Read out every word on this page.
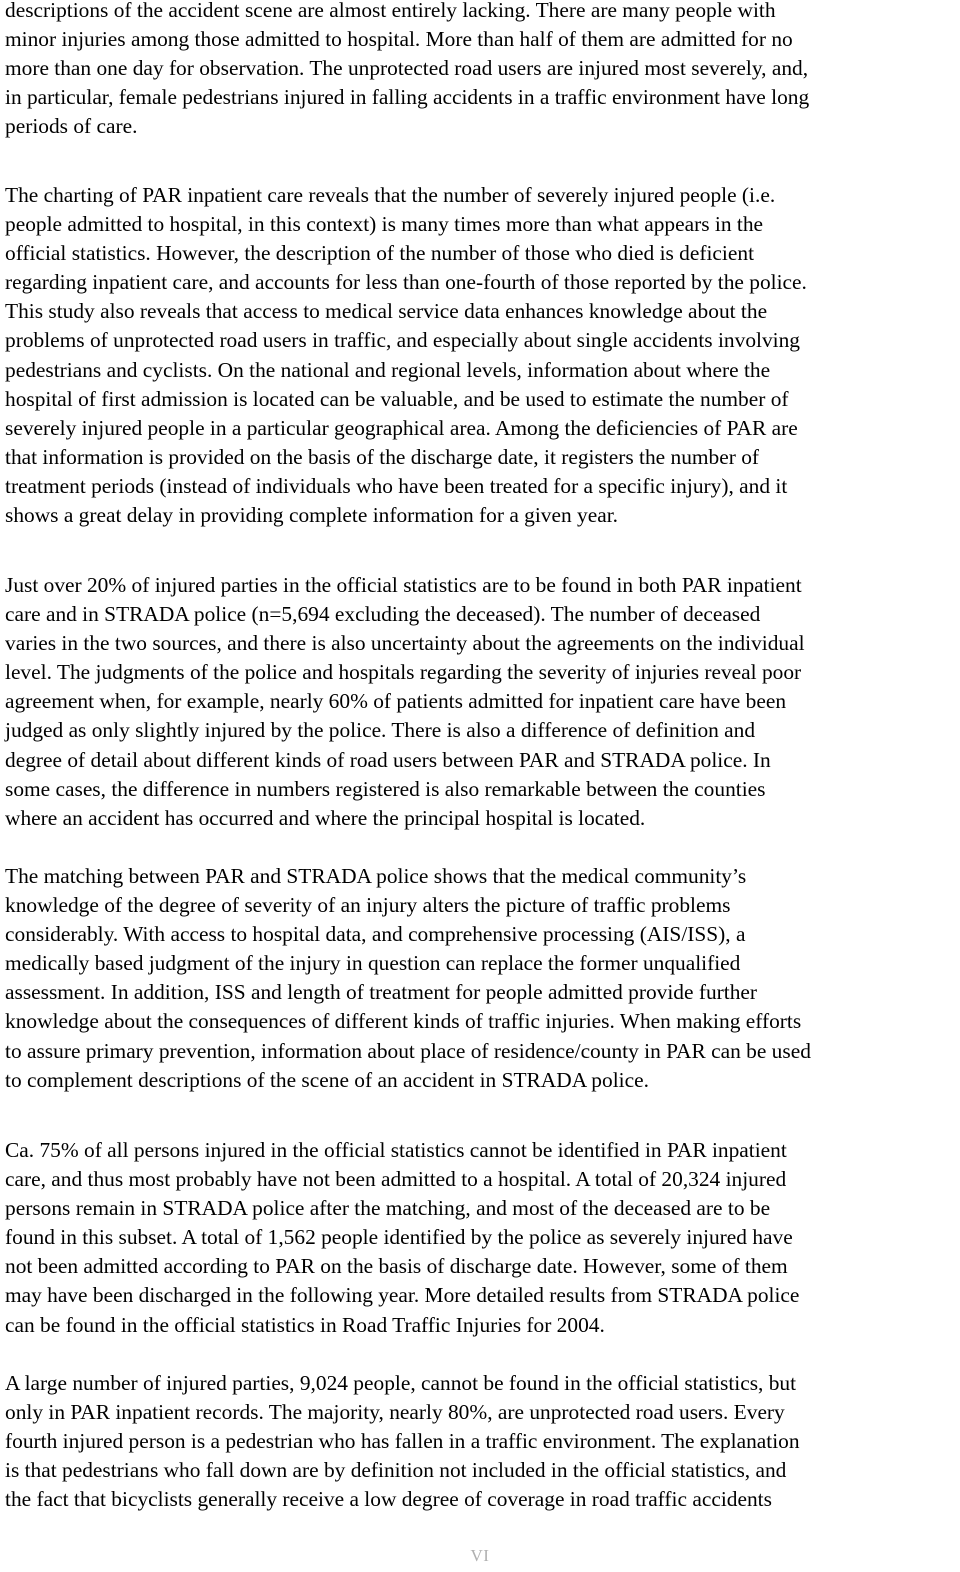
descriptions of the accident scene are almost entirely lacking. There are many people with
minor injuries among those admitted to hospital. More than half of them are admitted for no
more than one day for observation. The unprotected road users are injured most severely, and,
in particular, female pedestrians injured in falling accidents in a traffic environment have long
periods of care.

The charting of PAR inpatient care reveals that the number of severely injured people (i.e.
people admitted to hospital, in this context) is many times more than what appears in the
official statistics. However, the description of the number of those who died is deficient
regarding inpatient care, and accounts for less than one-fourth of those reported by the police.
This study also reveals that access to medical service data enhances knowledge about the
problems of unprotected road users in traffic, and especially about single accidents involving
pedestrians and cyclists. On the national and regional levels, information about where the
hospital of first admission is located can be valuable, and be used to estimate the number of
severely injured people in a particular geographical area. Among the deficiencies of PAR are
that information is provided on the basis of the discharge date, it registers the number of
treatment periods (instead of individuals who have been treated for a specific injury), and it
shows a great delay in providing complete information for a given year.

Just over 20% of injured parties in the official statistics are to be found in both PAR inpatient
care and in STRADA police (n=5,694 excluding the deceased). The number of deceased
varies in the two sources, and there is also uncertainty about the agreements on the individual
level. The judgments of the police and hospitals regarding the severity of injuries reveal poor
agreement when, for example, nearly 60% of patients admitted for inpatient care have been
judged as only slightly injured by the police. There is also a difference of definition and
degree of detail about different kinds of road users between PAR and STRADA police. In
some cases, the difference in numbers registered is also remarkable between the counties
where an accident has occurred and where the principal hospital is located.

The matching between PAR and STRADA police shows that the medical community’s
knowledge of the degree of severity of an injury alters the picture of traffic problems
considerably. With access to hospital data, and comprehensive processing (AIS/ISS), a
medically based judgment of the injury in question can replace the former unqualified
assessment. In addition, ISS and length of treatment for people admitted provide further
knowledge about the consequences of different kinds of traffic injuries. When making efforts
to assure primary prevention, information about place of residence/county in PAR can be used
to complement descriptions of the scene of an accident in STRADA police.

Ca. 75% of all persons injured in the official statistics cannot be identified in PAR inpatient
care, and thus most probably have not been admitted to a hospital. A total of 20,324 injured
persons remain in STRADA police after the matching, and most of the deceased are to be
found in this subset. A total of 1,562 people identified by the police as severely injured have
not been admitted according to PAR on the basis of discharge date. However, some of them
may have been discharged in the following year. More detailed results from STRADA police
can be found in the official statistics in Road Traffic Injuries for 2004.

A large number of injured parties, 9,024 people, cannot be found in the official statistics, but
only in PAR inpatient records. The majority, nearly 80%, are unprotected road users. Every
fourth injured person is a pedestrian who has fallen in a traffic environment. The explanation
is that pedestrians who fall down are by definition not included in the official statistics, and
the fact that bicyclists generally receive a low degree of coverage in road traffic accidents

VI
